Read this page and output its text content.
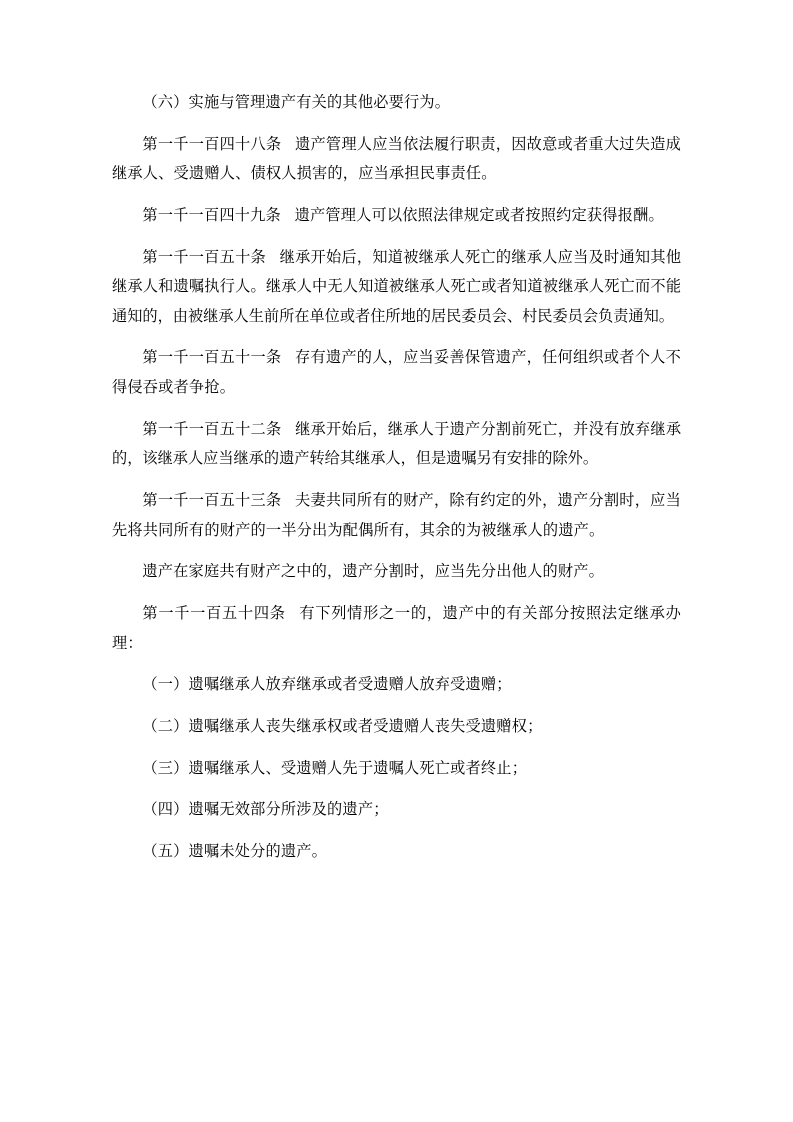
（六）实施与管理遗产有关的其他必要行为。

第一千一百四十八条 遗产管理人应当依法履行职责，因故意或者重大过失造成继承人、受遗赠人、债权人损害的，应当承担民事责任。

第一千一百四十九条 遗产管理人可以依照法律规定或者按照约定获得报酬。

第一千一百五十条 继承开始后，知道被继承人死亡的继承人应当及时通知其他继承人和遗嘱执行人。继承人中无人知道被继承人死亡或者知道被继承人死亡而不能通知的，由被继承人生前所在单位或者住所地的居民委员会、村民委员会负责通知。

第一千一百五十一条 存有遗产的人，应当妥善保管遗产，任何组织或者个人不得侵吞或者争抢。

第一千一百五十二条 继承开始后，继承人于遗产分割前死亡，并没有放弃继承的，该继承人应当继承的遗产转给其继承人，但是遗嘱另有安排的除外。

第一千一百五十三条 夫妻共同所有的财产，除有约定的外，遗产分割时，应当先将共同所有的财产的一半分出为配偶所有，其余的为被继承人的遗产。

遗产在家庭共有财产之中的，遗产分割时，应当先分出他人的财产。

第一千一百五十四条 有下列情形之一的，遗产中的有关部分按照法定继承办理：

（一）遗嘱继承人放弃继承或者受遗赠人放弃受遗赠；

（二）遗嘱继承人丧失继承权或者受遗赠人丧失受遗赠权；

（三）遗嘱继承人、受遗赠人先于遗嘱人死亡或者终止；

（四）遗嘱无效部分所涉及的遗产；

（五）遗嘱未处分的遗产。
